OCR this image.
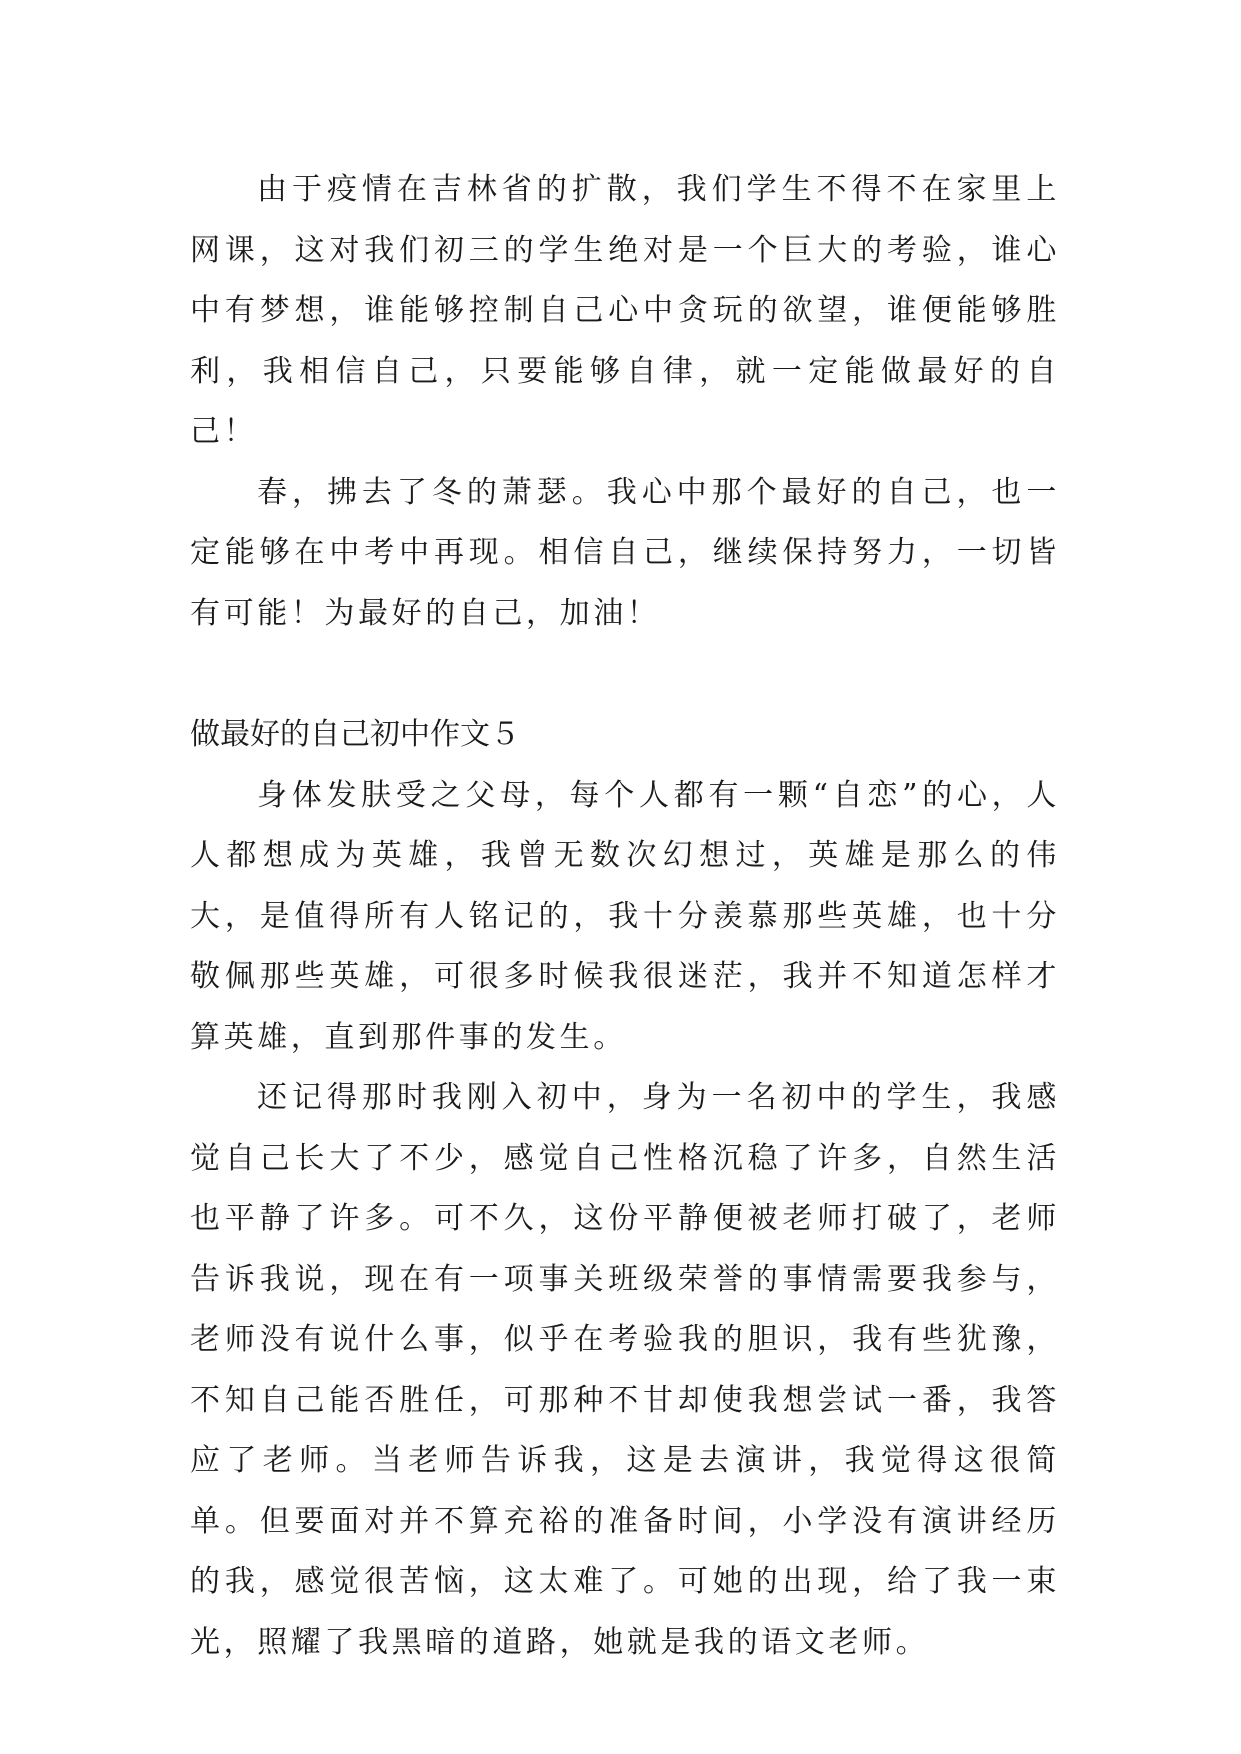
由于疫情在吉林省的扩散，我们学生不得不在家里上网课，这对我们初三的学生绝对是一个巨大的考验，谁心中有梦想，谁能够控制自己心中贪玩的欲望，谁便能够胜利，我相信自己，只要能够自律，就一定能做最好的自己！

春，拂去了冬的萧瑟。我心中那个最好的自己，也一定能够在中考中再现。相信自己，继续保持努力，一切皆有可能！为最好的自己，加油！

做最好的自己初中作文５

身体发肤受之父母，每个人都有一颗“自恋”的心，人人都想成为英雄，我曾无数次幻想过，英雄是那么的伟大，是值得所有人铭记的，我十分羡慕那些英雄，也十分敬佩那些英雄，可很多时候我很迷茫，我并不知道怎样才算英雄，直到那件事的发生。

还记得那时我刚入初中，身为一名初中的学生，我感觉自己长大了不少，感觉自己性格沉稳了许多，自然生活也平静了许多。可不久，这份平静便被老师打破了，老师告诉我说，现在有一项事关班级荣誉的事情需要我参与，老师没有说什么事，似乎在考验我的胆识，我有些犹豫，不知自己能否胜任，可那种不甘却使我想尝试一番，我答应了老师。当老师告诉我，这是去演讲，我觉得这很简单。但要面对并不算充裕的准备时间，小学没有演讲经历的我，感觉很苦恼，这太难了。可她的出现，给了我一束光，照耀了我黑暗的道路，她就是我的语文老师。
